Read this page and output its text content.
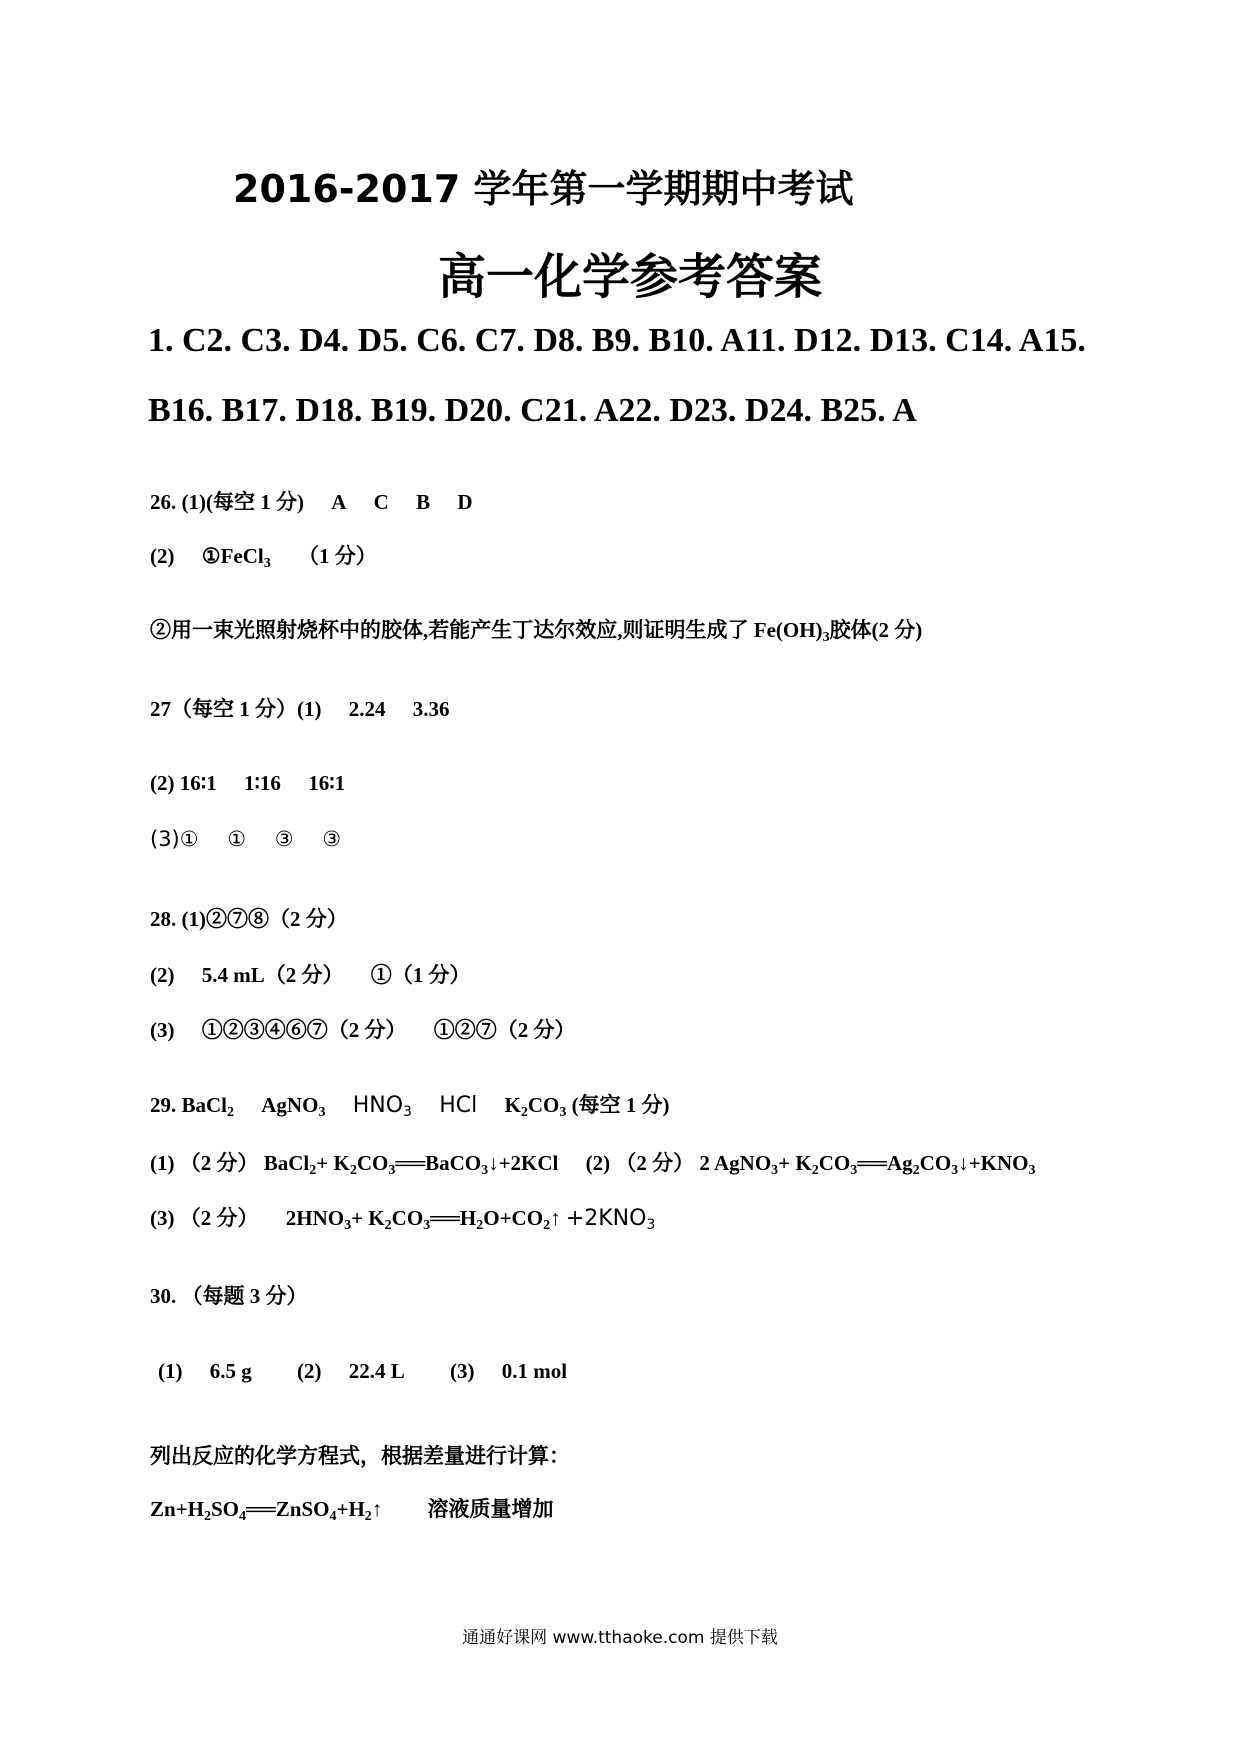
2016-2017 学年第一学期期中考试
高一化学参考答案
1. C2. C3. D4. D5. C6. C7. D8. B9. B10. A11. D12. D13. C14. A15.
B16. B17. D18. B19. D20. C21. A22. D23. D24. B25. A
26. (1)(每空 1 分) A C B D
(2) ①FeCl$_3$ （1 分）
②用一束光照射烧杯中的胶体,若能产生丁达尔效应,则证明生成了 $Fe(OH)_3$胶体(2 分)
27（每空 1 分）(1) 2.24 3.36
(2) 16∶1 1∶16 16∶1
(3)① ① ③ ③
28. (1)②⑦⑧（2 分）
(2) 5.4 mL（2 分） ①（1 分）
(3) ①②③④⑥⑦（2 分） ①②⑦（2 分）
29. BaCl$_2$ AgNO$_3$ $HNO_3$ HCl $K_2CO_3$ (每空 1 分)
(1) （2 分） BaCl$_2$+ $K_2CO_3══BaCO_3↓+2KCl$ (2) （2 分） 2 AgNO$_3$+ $K_2CO_3══Ag_2CO_3↓+KNO_3$
(3) （2 分） $2HNO_3+$ $K_2CO_3══H_2O+CO_2↑ +2KNO_3$
30. （每题 3 分）
(1) 6.5 g (2) 22.4 L (3) 0.1 mol
列出反应的化学方程式，根据差量进行计算：
$Zn+H_2SO_4══ZnSO_4+H_2↑$ 溶液质量增加
通通好课网 www.tthaoke.com 提供下载
